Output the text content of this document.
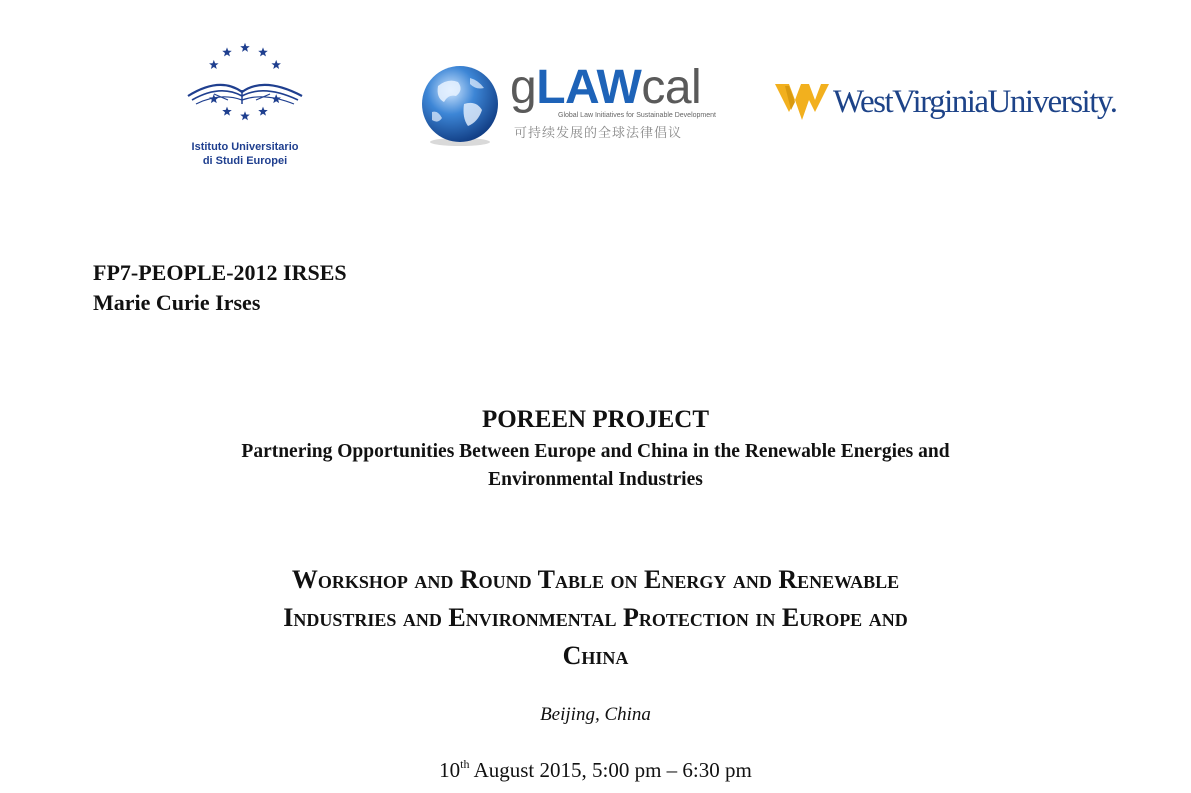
Istituto Universitario
di Studi Europei
gLAWcal
Global Law Initiatives for Sustainable Development
可持续发展的全球法律倡议
WestVirginiaUniversity.
FP7-PEOPLE-2012 IRSES
Marie Curie Irses
POREEN PROJECT
Partnering Opportunities Between Europe and China in the Renewable Energies and
Environmental Industries
Workshop and Round Table on Energy and Renewable
Industries and Environmental Protection in Europe and
China
Beijing, China
10th August 2015, 5:00 pm – 6:30 pm
